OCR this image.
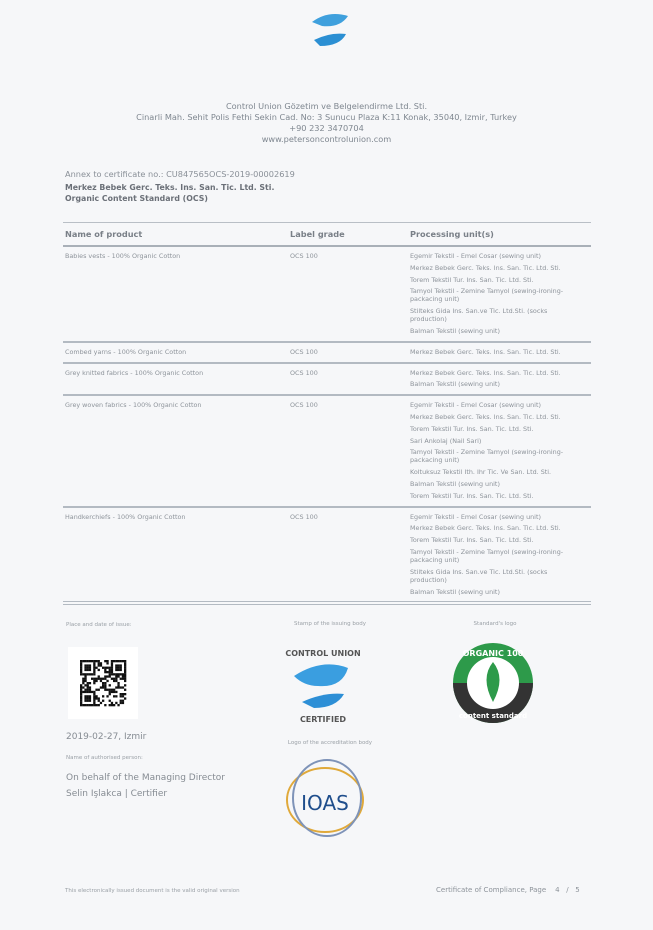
Control Union Gözetim ve Belgelendirme Ltd. Sti.
Cinarli Mah. Sehit Polis Fethi Sekin Cad. No: 3 Sunucu Plaza K:11 Konak, 35040, Izmir, Turkey
+90 232 3470704
www.petersoncontrolunion.com
Annex to certificate no.: CU847565OCS-2019-00002619
Merkez Bebek Gerc. Teks. Ins. San. Tic. Ltd. Sti.
Organic Content Standard (OCS)
Name of product	Label grade	Processing unit(s)
Babies vests - 100% Organic Cotton	OCS 100	Egemir Tekstil - Emel Cosar (sewing unit)
Merkez Bebek Gerc. Teks. Ins. San. Tic. Ltd. Sti.
Torem Tekstil Tur. Ins. San. Tic. Ltd. Sti.
Tamyol Tekstil - Zemine Tamyol (sewing-ironing-packacing unit)
Stilteks Gida Ins. San.ve Tic. Ltd.Sti. (socks production)
Balman Tekstil (sewing unit)
Combed yarns - 100% Organic Cotton	OCS 100	Merkez Bebek Gerc. Teks. Ins. San. Tic. Ltd. Sti.
Grey knitted fabrics - 100% Organic Cotton	OCS 100	Merkez Bebek Gerc. Teks. Ins. San. Tic. Ltd. Sti.
Balman Tekstil (sewing unit)
Grey woven fabrics - 100% Organic Cotton	OCS 100	Egemir Tekstil - Emel Cosar (sewing unit)
Merkez Bebek Gerc. Teks. Ins. San. Tic. Ltd. Sti.
Torem Tekstil Tur. Ins. San. Tic. Ltd. Sti.
Sari Ankolaj (Nail Sari)
Tamyol Tekstil - Zemine Tamyol (sewing-ironing-packacing unit)
Koltuksuz Tekstil Ith. Ihr Tic. Ve San. Ltd. Sti.
Balman Tekstil (sewing unit)
Torem Tekstil Tur. Ins. San. Tic. Ltd. Sti.
Handkerchiefs - 100% Organic Cotton	OCS 100	Egemir Tekstil - Emel Cosar (sewing unit)
Merkez Bebek Gerc. Teks. Ins. San. Tic. Ltd. Sti.
Torem Tekstil Tur. Ins. San. Tic. Ltd. Sti.
Tamyol Tekstil - Zemine Tamyol (sewing-ironing-packacing unit)
Stilteks Gida Ins. San.ve Tic. Ltd.Sti. (socks production)
Balman Tekstil (sewing unit)
Place and date of issue:
2019-02-27, Izmir
Name of authorised person:
On behalf of the Managing Director
Selin Işlakca | Certifier
Stamp of the issuing body
CONTROL UNION
CERTIFIED
Logo of the accreditation body
IOAS
Standard's logo
ORGANIC 100
content standard
This electronically issued document is the valid original version	Certificate of Compliance, Page 4 / 5
